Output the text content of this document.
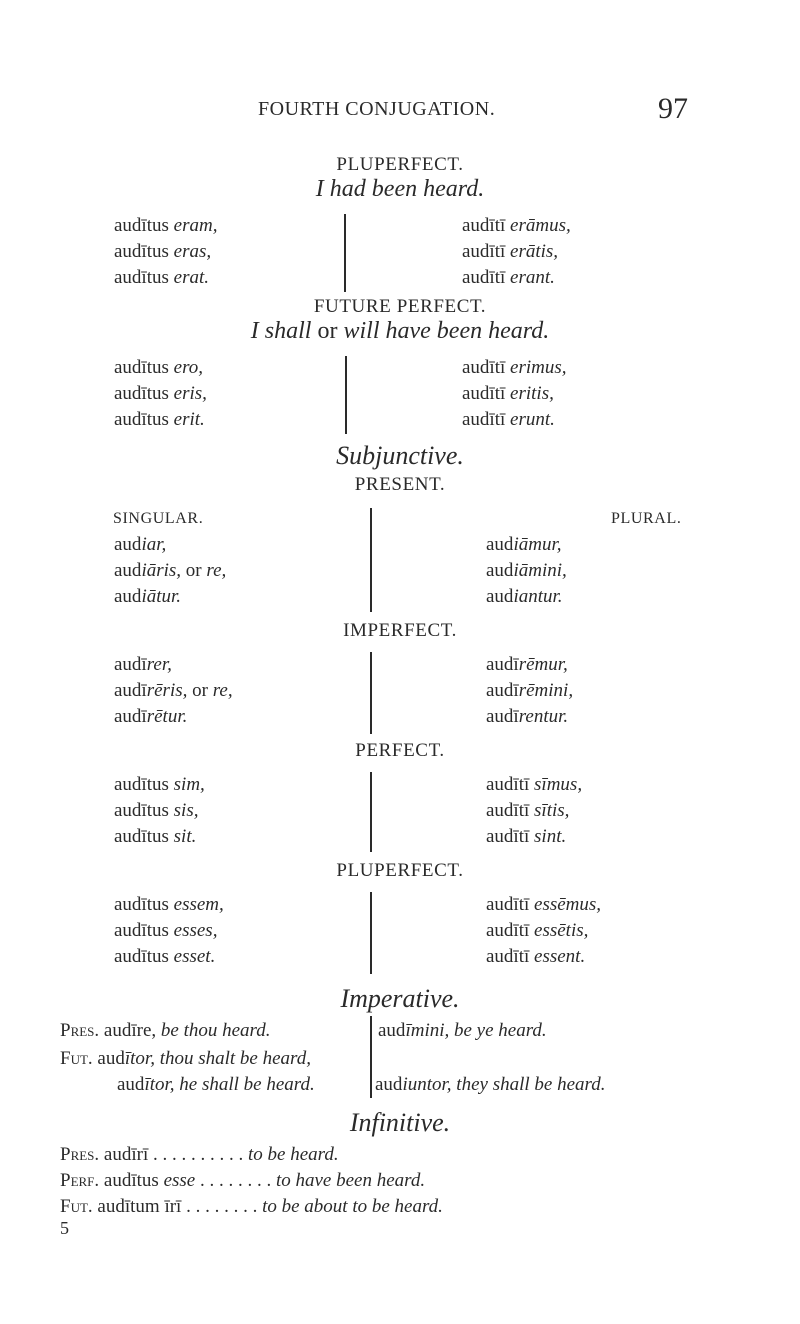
FOURTH CONJUGATION.	97
PLUPERFECT.
I had been heard.
audītus eram,
audītus eras,
audītus erat.
audītī erāmus,
audītī erātis,
audītī erant.
FUTURE PERFECT.
I shall or will have been heard.
audītus ero,
audītus eris,
audītus erit.
audītī erimus,
audītī eritis,
audītī erunt.
Subjunctive.
PRESENT.
SINGULAR.	PLURAL.
audiar,
audiāris, or re,
audiātur.
audiāmur,
audiāmini,
audiantur.
IMPERFECT.
audīrer,
audīrēris, or re,
audīrētur.
audīrēmur,
audīrēmini,
audīrentur.
PERFECT.
audītus sim,
audītus sis,
audītus sit.
audītī sīmus,
audītī sītis,
audītī sint.
PLUPERFECT.
audītus essem,
audītus esses,
audītus esset.
audītī essēmus,
audītī essētis,
audītī essent.
Imperative.
Pres. audīre, be thou heard.
Fut. audītor, thou shalt be heard,
audītor, he shall be heard.
audīmini, be ye heard.
audiuntor, they shall be heard.
Infinitive.
Pres. audīrī . . . . . . . . . . to be heard.
Perf. audītus esse . . . . . . . . to have been heard.
Fut. audītum īrī . . . . . . . . to be about to be heard.
5
